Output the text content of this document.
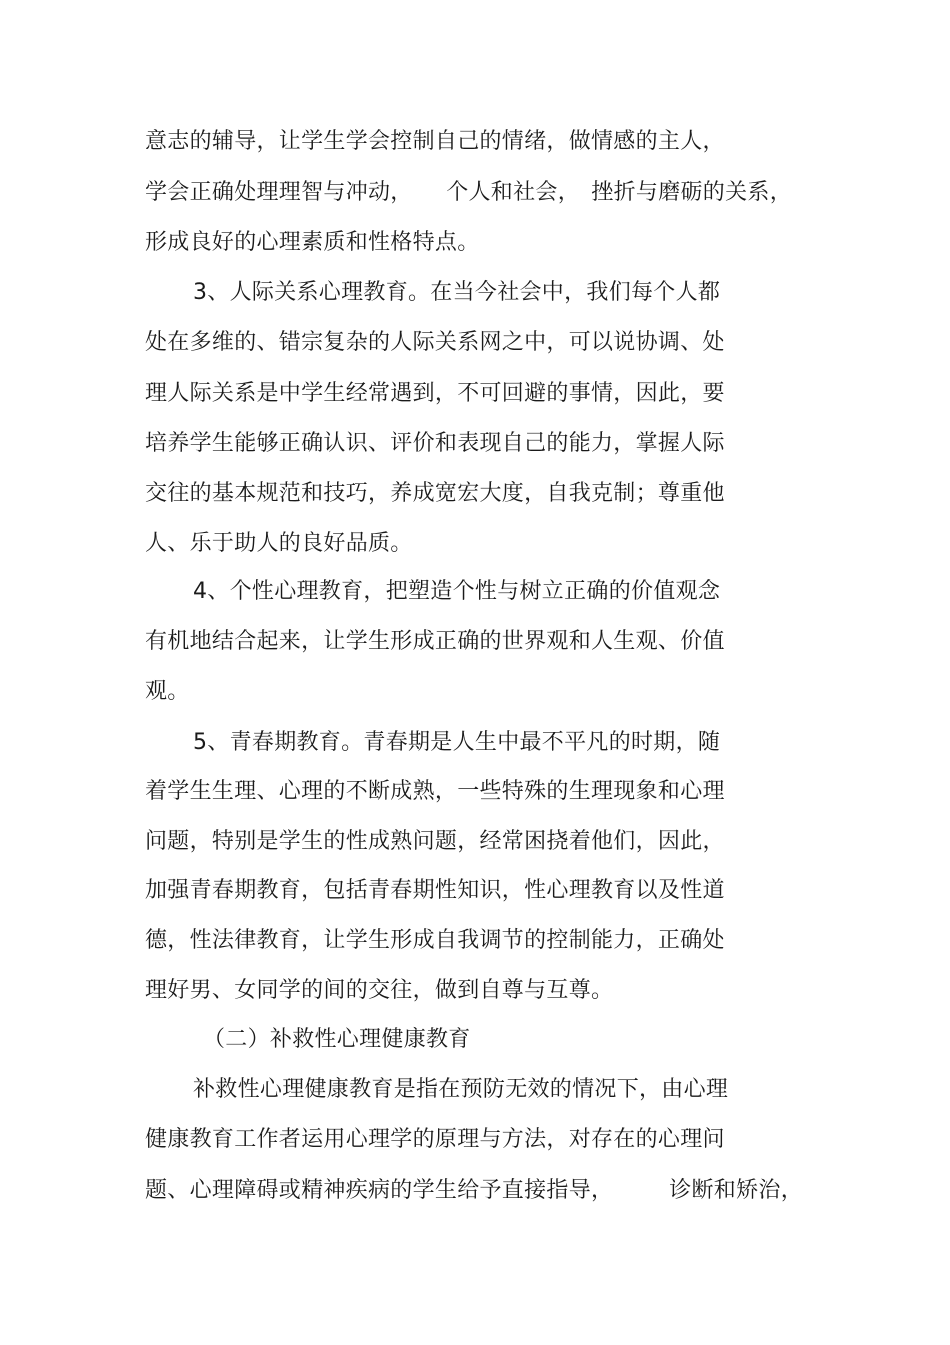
意志的辅导，让学生学会控制自己的情绪，做情感的主人，
学会正确处理理智与冲动，　　个人和社会，　挫折与磨砺的关系，
形成良好的心理素质和性格特点。
3、人际关系心理教育。在当今社会中，我们每个人都
处在多维的、错宗复杂的人际关系网之中，可以说协调、处
理人际关系是中学生经常遇到，不可回避的事情，因此，要
培养学生能够正确认识、评价和表现自己的能力，掌握人际
交往的基本规范和技巧，养成宽宏大度，自我克制；尊重他
人、乐于助人的良好品质。
4、个性心理教育，把塑造个性与树立正确的价值观念
有机地结合起来，让学生形成正确的世界观和人生观、价值
观。
5、青春期教育。青春期是人生中最不平凡的时期，随
着学生生理、心理的不断成熟，一些特殊的生理现象和心理
问题，特别是学生的性成熟问题，经常困挠着他们，因此，
加强青春期教育，包括青春期性知识，性心理教育以及性道
德，性法律教育，让学生形成自我调节的控制能力，正确处
理好男、女同学的间的交往，做到自尊与互尊。
（二）补救性心理健康教育
补救性心理健康教育是指在预防无效的情况下，由心理
健康教育工作者运用心理学的原理与方法，对存在的心理问
题、心理障碍或精神疾病的学生给予直接指导，　　　诊断和矫治，
